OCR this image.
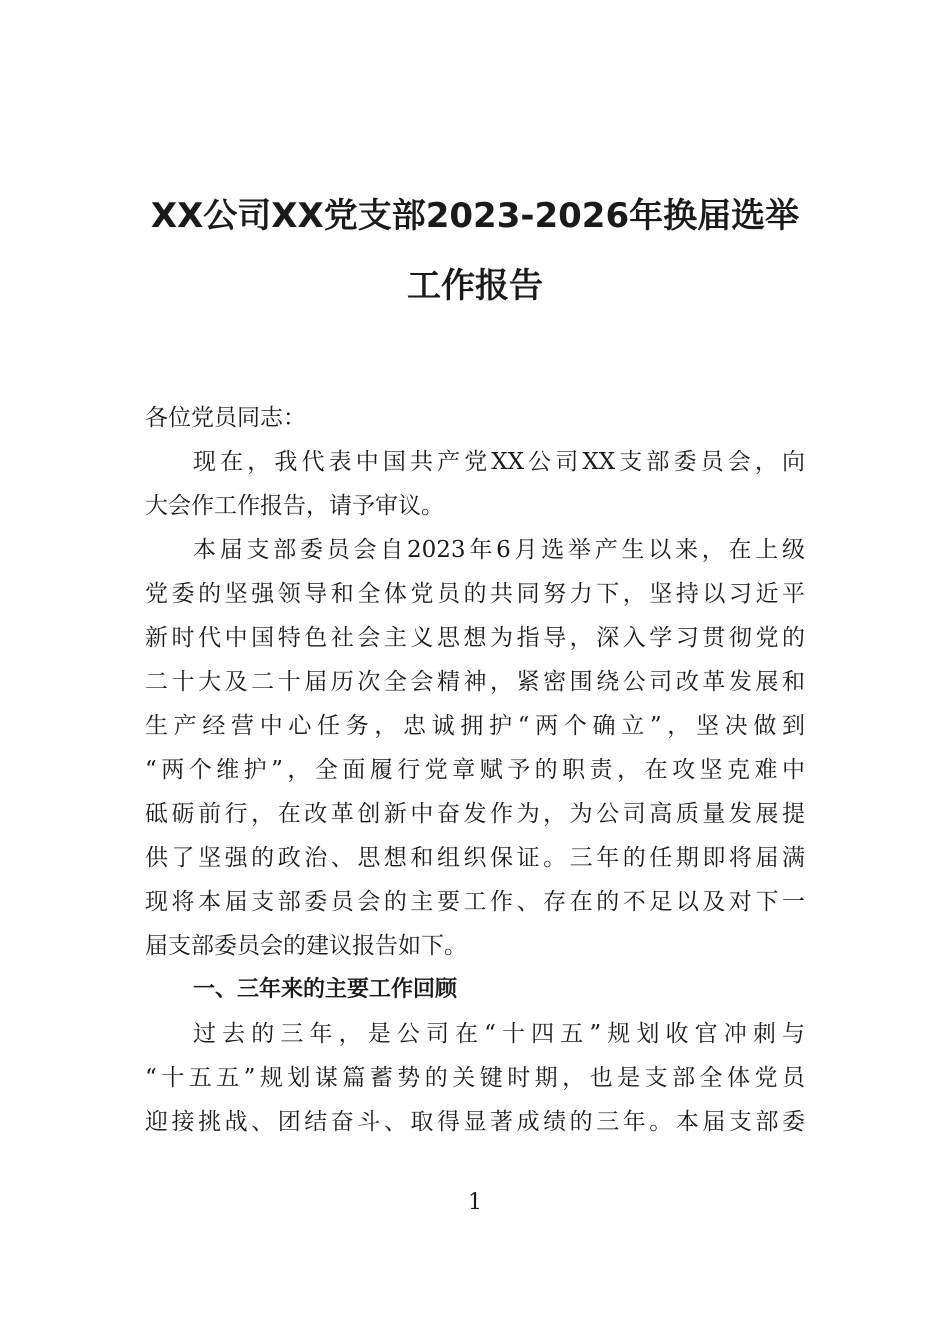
XX公司XX党支部2023-2026年换届选举
工作报告

各位党员同志：

现在，我代表中国共产党XX公司XX支部委员会，向

大会作工作报告，请予审议。

本届支部委员会自2023年6月选举产生以来，在上级

党委的坚强领导和全体党员的共同努力下，坚持以习近平

新时代中国特色社会主义思想为指导，深入学习贯彻党的

二十大及二十届历次全会精神，紧密围绕公司改革发展和

生产经营中心任务，忠诚拥护“两个确立”，坚决做到

“两个维护”，全面履行党章赋予的职责，在攻坚克难中

砥砺前行，在改革创新中奋发作为，为公司高质量发展提

供了坚强的政治、思想和组织保证。三年的任期即将届满

现将本届支部委员会的主要工作、存在的不足以及对下一

届支部委员会的建议报告如下。

一、三年来的主要工作回顾

过去的三年，是公司在“十四五”规划收官冲刺与

“十五五”规划谋篇蓄势的关键时期，也是支部全体党员

迎接挑战、团结奋斗、取得显著成绩的三年。本届支部委

1
